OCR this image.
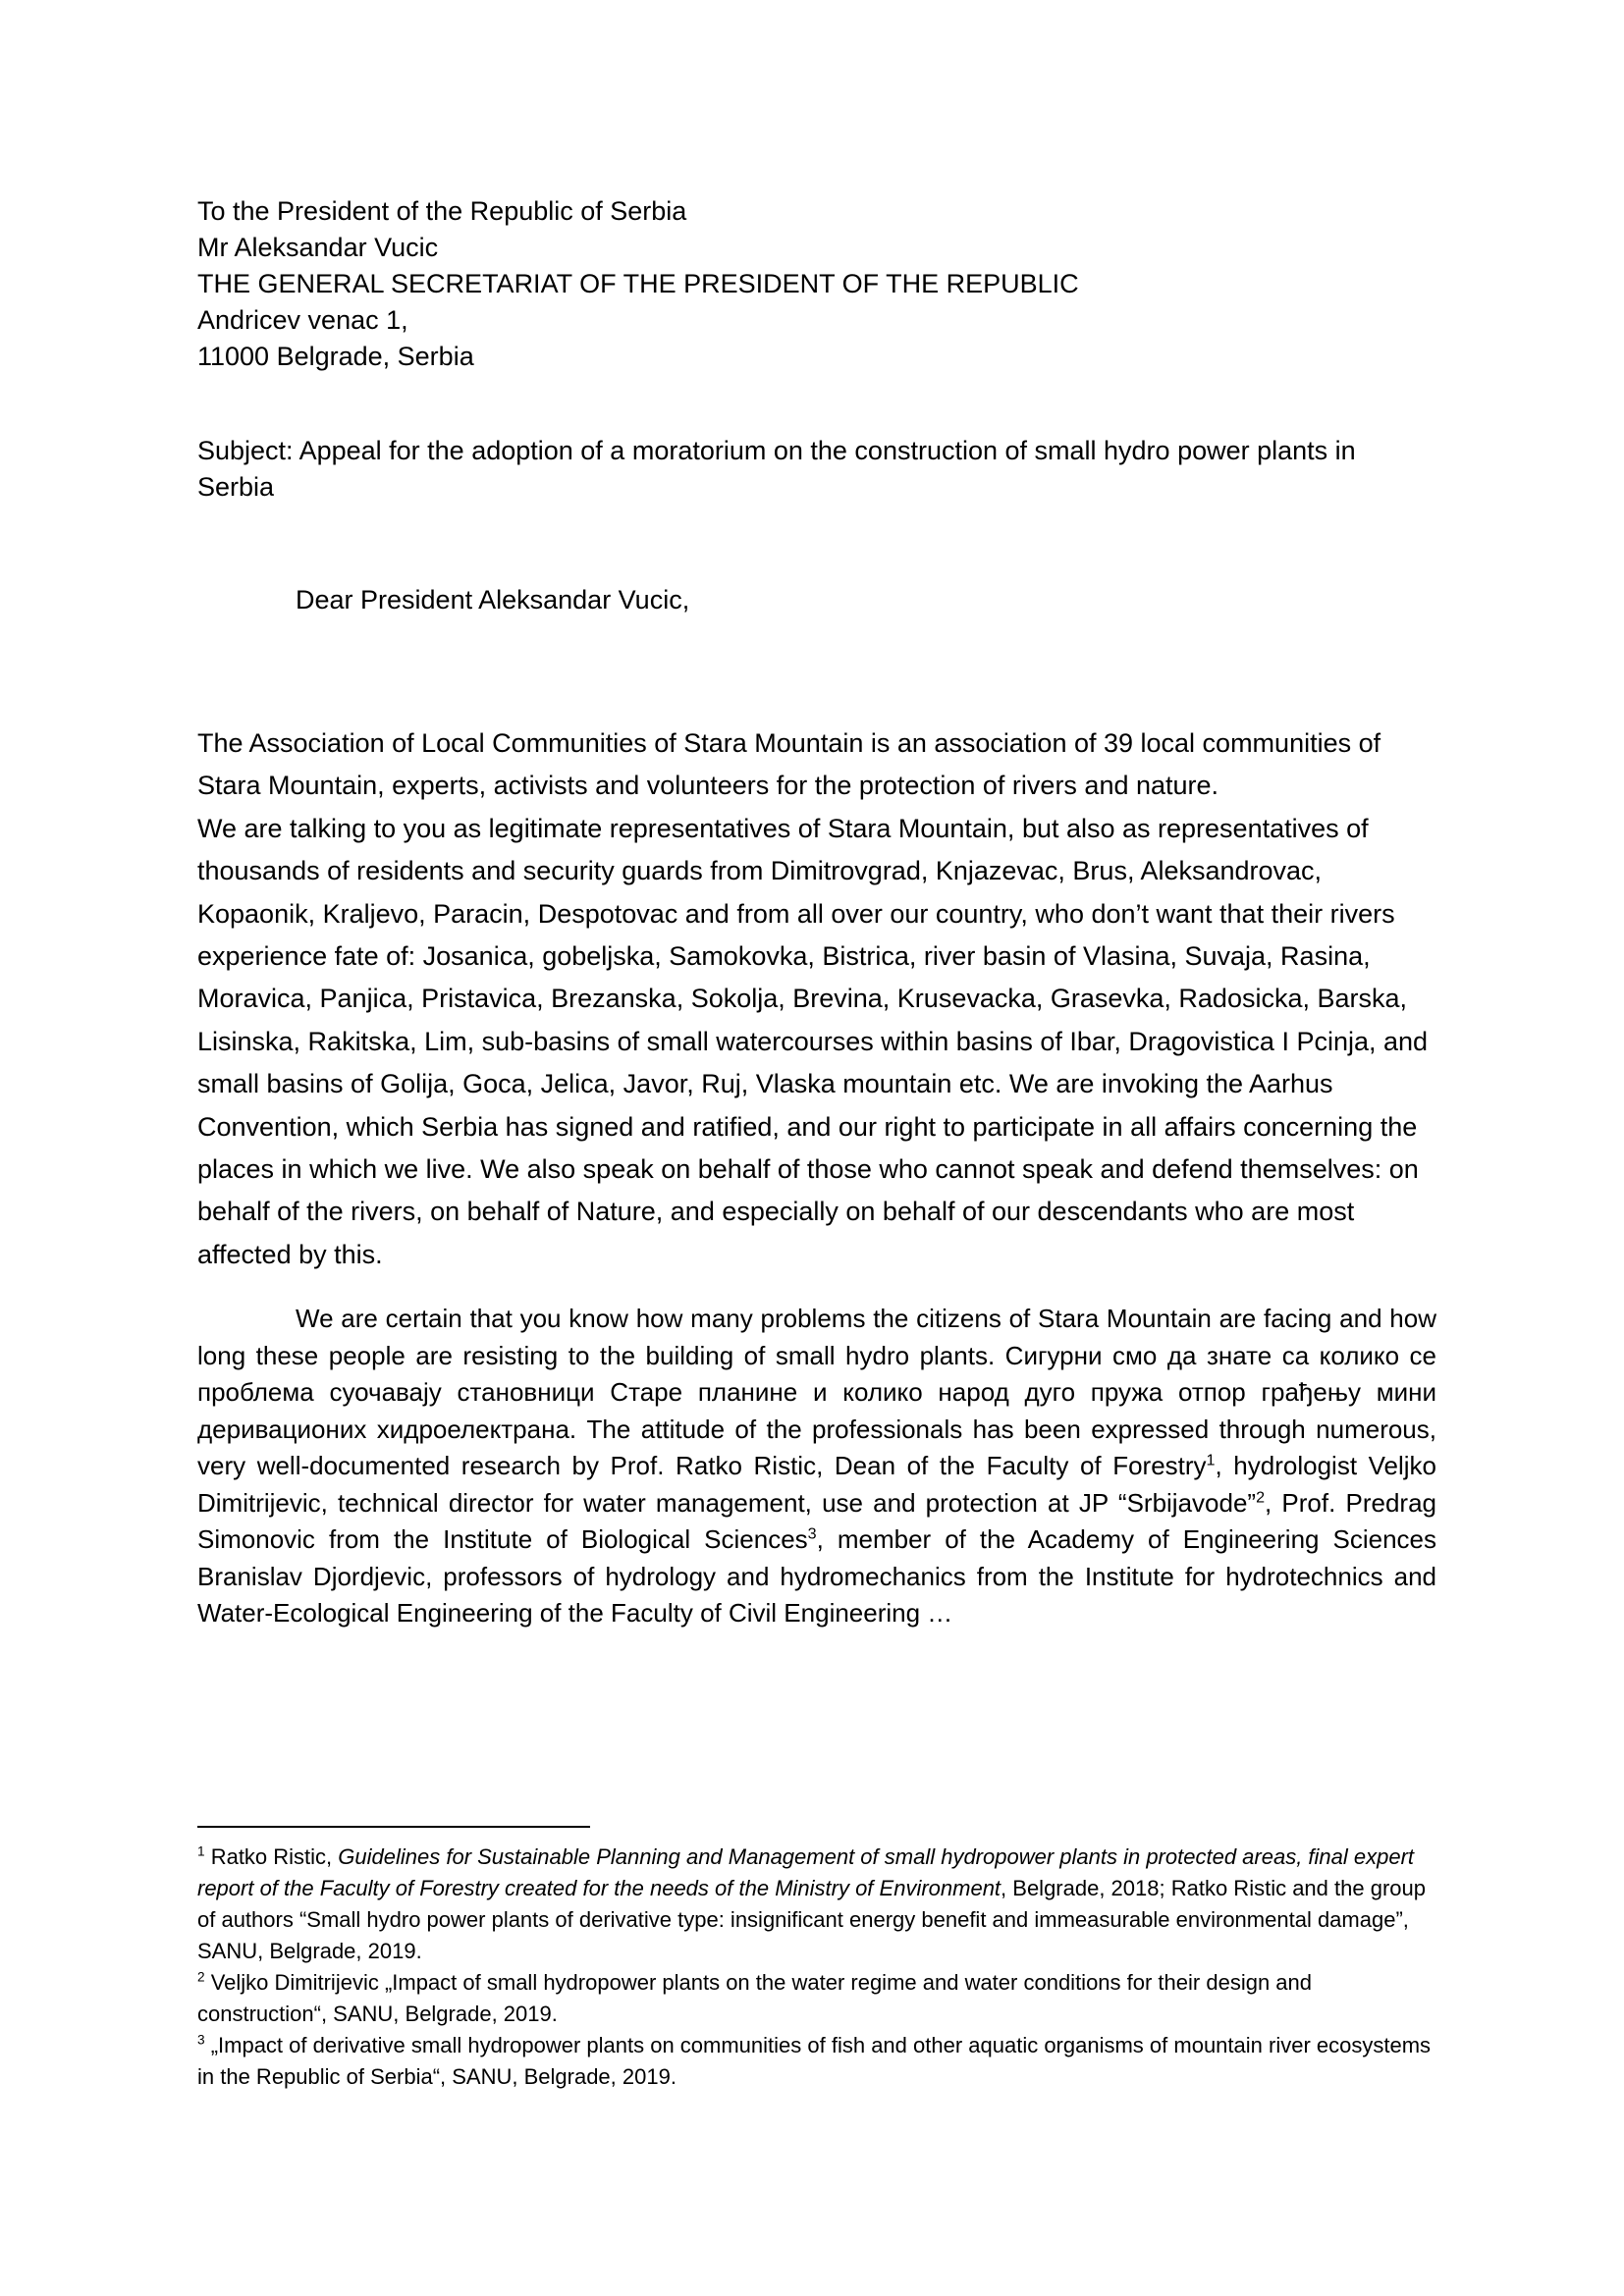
To the President of the Republic of Serbia
Mr Aleksandar Vucic
THE GENERAL SECRETARIAT OF THE PRESIDENT OF THE REPUBLIC
Andricev venac 1,
11000 Belgrade, Serbia
Subject: Appeal for the adoption of a moratorium on the construction of small hydro power plants in Serbia
Dear President Aleksandar Vucic,
The Association of Local Communities of Stara Mountain is an association of 39 local communities of Stara Mountain, experts, activists and volunteers for the protection of rivers and nature.
We are talking to you as legitimate representatives of Stara Mountain, but also as representatives of thousands of residents and security guards from Dimitrovgrad, Knjazevac, Brus, Aleksandrovac, Kopaonik, Kraljevo, Paracin, Despotovac and from all over our country, who don’t want that their rivers experience fate of: Josanica, gobeljska, Samokovka, Bistrica, river basin of Vlasina, Suvaja, Rasina, Moravica, Panjica, Pristavica, Brezanska, Sokolja, Brevina, Krusevacka, Grasevka, Radosicka, Barska, Lisinska, Rakitska, Lim, sub-basins of small watercourses within basins of Ibar, Dragovistica I Pcinja, and small basins of Golija, Goca, Jelica, Javor, Ruj, Vlaska mountain etc. We are invoking the Aarhus Convention, which Serbia has signed and ratified, and our right to participate in all affairs concerning the places in which we live. We also speak on behalf of those who cannot speak and defend themselves: on behalf of the rivers, on behalf of Nature, and especially on behalf of our descendants who are most affected by this.
We are certain that you know how many problems the citizens of Stara Mountain are facing and how long these people are resisting to the building of small hydro plants. Сигурни смо да знате са колико се проблема суочавају становници Старе планине и колико народ дуго пружа отпор грађењу мини деривационих хидроелектрана. The attitude of the professionals has been expressed through numerous, very well-documented research by Prof. Ratko Ristic, Dean of the Faculty of Forestry$^1$, hydrologist Veljko Dimitrijevic, technical director for water management, use and protection at JP “Srbijavode”$^2$, Prof. Predrag Simonovic from the Institute of Biological Sciences$^3$, member of the Academy of Engineering Sciences Branislav Djordjevic, professors of hydrology and hydromechanics from the Institute for hydrotechnics and Water-Ecological Engineering of the Faculty of Civil Engineering …
$^1$ Ratko Ristic, Guidelines for Sustainable Planning and Management of small hydropower plants in protected areas, final expert report of the Faculty of Forestry created for the needs of the Ministry of Environment, Belgrade, 2018; Ratko Ristic and the group of authors “Small hydro power plants of derivative type: insignificant energy benefit and immeasurable environmental damage”, SANU, Belgrade, 2019.
$^2$ Veljko Dimitrijevic „Impact of small hydropower plants on the water regime and water conditions for their design and construction“, SANU, Belgrade, 2019.
$^3$ „Impact of derivative small hydropower plants on communities of fish and other aquatic organisms of mountain river ecosystems in the Republic of Serbia“, SANU, Belgrade, 2019.
